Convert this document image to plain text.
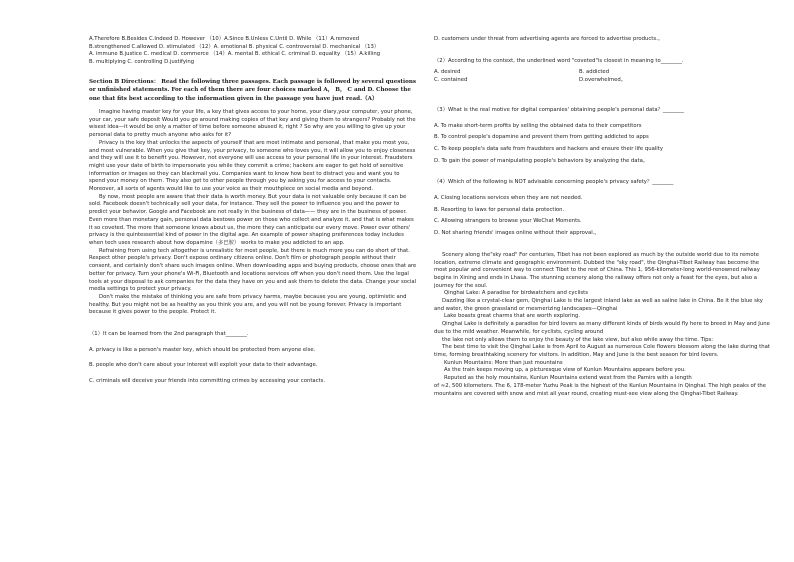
A.Therefore B.Besides C.Indeed D. However （10）A.Since B.Unless C.Until D. While （11）A.removed

B.strengthened C.allowed D. stimulated （12）A. emotional B. physical C. controversial D. mechanical （13）

A. immune B.justice C. medical D. commerce （14）A. mental B. ethical C. criminal D. equality （15）A.killing

B. multiplying C. controlling D.justifying

Section B Directions： Read the following three passages. Each passage is followed by several questions or unfinished statements. For each of them there are four choices marked A， B， C and D. Choose the one that fits best according to the information given in the passage you have just read.（A）

Imagine having master key for your life, a key that gives access to your home, your diary,your computer, your phone, your car, your safe deposit Would you go around making copies of that key and giving them to strangers? Probably not the wisest idea—it would be only a matter of time before someone abused it, right ? So why are you willing to give up your personal data to pretty much anyone who asks for it?

Privacy is the key that unlocks the aspects of yourself that are most intimate and personal, that make you most you, and most vulnerable. When you give that key, your privacy, to someone who loves you, it will allow you to enjoy closeness and they will use it to benefit you. However, not everyone will use access to your personal life in your interest. Fraudsters might use your date of birth to impersonate you while they commit a crime; hackers are eager to get hold of sensitive information or images so they can blackmail you. Companies want to know how best to distract you and want you to spend your money on them. They also get to other people through you by asking you for access to your contacts. Moreover, all sorts of agents would like to use your voice as their mouthpiece on social media and beyond.

By now, most people are aware that their data is worth money. But your data is not valuable only because it can be sold. Facebook doesn't technically sell your data, for instance. They sell the power to influence you and the power to predict your behavior. Google and Facebook are not really in the business of data—— they are in the business of power. Even more than monetary gain, personal data bestows power on those who collect and analyze it, and that is what makes it so coveted. The more that someone knows about us, the more they can anticipate our every move. Power over others' privacy is the quintessential kind of power in the digital age. An example of power shaping preferences today includes when tech uses research about how dopamine（多巴胺） works to make you addicted to an app.

Refraining from using tech altogether is unrealistic for most people, but there is much more you can do short of that. Respect other people's privacy. Don't expose ordinary citizens online. Don't film or photograph people without their consent, and certainly don't share such images online. When downloading apps and buying products, choose ones that are better for privacy. Turn your phone's Wi-Fi, Bluetooth and locations services off when you don't need them. Use the legal tools at your disposal to ask companies for the data they have on you and ask them to delete the data. Change your social media settings to protect your privacy.

Don't make the mistake of thinking you are safe from privacy harms, maybe because you are young, optimistic and healthy. But you might not be as healthy as you think you are, and you will not be young forever. Privacy is important because it gives power to the people. Protect it.

（1）It can be learned from the 2nd paragraph that________.

A. privacy is like a person's master key, which should be protected from anyone else.

B. people who don't care about your interest will exploit your data to their advantage.

C. criminals will deceive your friends into committing crimes by accessing your contacts.

D. customers under threat from advertising agents are forced to advertise products.。

（2）According to the context, the underlined word "coveted"is closest in meaning to________.

A. desired	B. addicted
C. contained	D.overwhelmed。

（3）What is the real motive for digital companies' obtaining people's personal data？________

A. To make short-term profits by selling the obtained data to their competitors

B. To control people's dopamine and prevent them from getting addicted to apps

C. To keep people's data safe from fraudsters and hackers and ensure their life quality

D. To gain the power of manipulating people's behaviors by analyzing the data。

（4）Which of the following is NOT advisable concerning people's privacy safety？________

A. Closing locations services when they are not needed.

B. Resorting to laws for personal data protection.

C. Allowing strangers to browse your WeChat Moments.

D. Not sharing friends' images online without their approval.。

Scenery along the"sky road" For centuries, Tibet has not been explored as much by the outside world due to its remote location, extreme climate and geographic environment. Dubbed the "sky road", the Qinghai-Tibet Railway has become the most popular and convenient way to connect Tibet to the rest of China. This 1, 956-kilometer-long world-renowned railway begins in Xining and ends in Lhasa. The stunning scenery along the railway offers not only a feast for the eyes, but also a journey for the soul.

Qinghai Lake: A paradise for birdwatchers and cyclists

Dazzling like a crystal-clear gem, Qinghai Lake is the largest inland lake as well as saline lake in China. Be it the blue sky and water, the green grassland or mesmerizing landscapes—Qinghai

Lake boasts great charms that are worth exploring.

Qinghai Lake is definitely a paradise for bird lovers as many different kinds of birds would fly here to breed in May and June due to the mild weather. Meanwhile, for cyclists, cycling around

the lake not only allows them to enjoy the beauty of the lake view, but also while away the time. Tips:

The best time to visit the Qinghai Lake is from April to August as numerous Cole flowers blossom along the lake during that time, forming breathtaking scenery for visitors. In addition, May and June is the best season for bird lovers.

Kunlun Mountains: More than just mountains

As the train keeps moving up, a picturesque view of Kunlun Mountains appears before you.

Reputed as the holy mountains, Kunlun Mountains extend west from the Pamirs with a length

of ≈2, 500 kilometers. The 6, 178-meter Yuzhu Peak is the highest of the Kunlun Mountains in Qinghai. The high peaks of the mountains are covered with snow and mist all year round, creating must-see view along the Qinghai-Tibet Railway.
